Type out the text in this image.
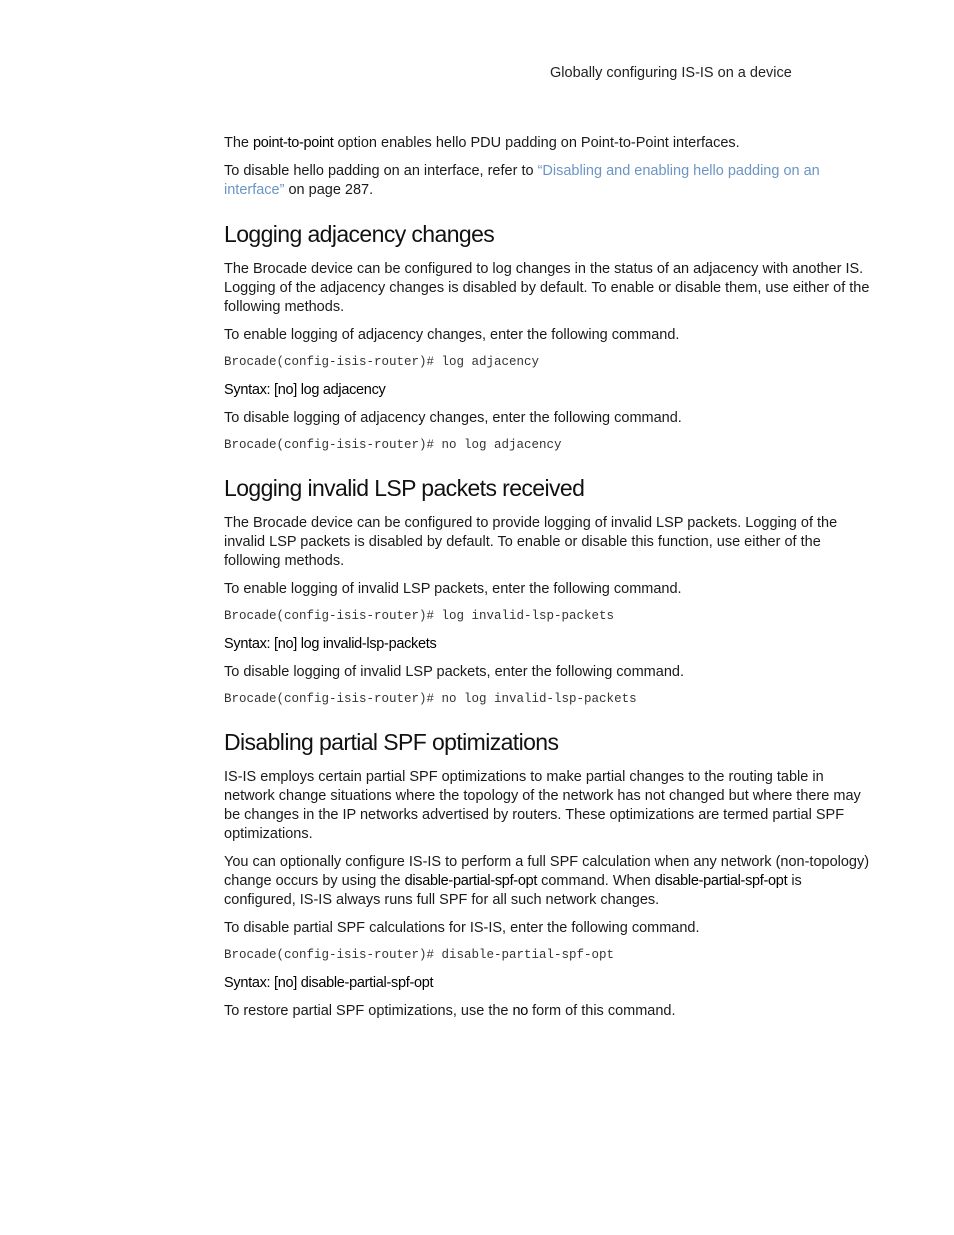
Globally configuring IS-IS on a device

The point-to-point option enables hello PDU padding on Point-to-Point interfaces.

To disable hello padding on an interface, refer to “Disabling and enabling hello padding on an interface” on page 287.

Logging adjacency changes

The Brocade device can be configured to log changes in the status of an adjacency with another IS. Logging of the adjacency changes is disabled by default. To enable or disable them, use either of the following methods.

To enable logging of adjacency changes, enter the following command.

Brocade(config-isis-router)# log adjacency
Syntax: [no] log adjacency

To disable logging of adjacency changes, enter the following command.

Brocade(config-isis-router)# no log adjacency
Logging invalid LSP packets received

The Brocade device can be configured to provide logging of invalid LSP packets. Logging of the invalid LSP packets is disabled by default. To enable or disable this function, use either of the following methods.

To enable logging of invalid LSP packets, enter the following command.

Brocade(config-isis-router)# log invalid-lsp-packets
Syntax: [no] log invalid-lsp-packets

To disable logging of invalid LSP packets, enter the following command.

Brocade(config-isis-router)# no log invalid-lsp-packets
Disabling partial SPF optimizations

IS-IS employs certain partial SPF optimizations to make partial changes to the routing table in network change situations where the topology of the network has not changed but where there may be changes in the IP networks advertised by routers. These optimizations are termed partial SPF optimizations.

You can optionally configure IS-IS to perform a full SPF calculation when any network (non-topology) change occurs by using the disable-partial-spf-opt command. When disable-partial-spf-opt is configured, IS-IS always runs full SPF for all such network changes.

To disable partial SPF calculations for IS-IS, enter the following command.

Brocade(config-isis-router)# disable-partial-spf-opt
Syntax: [no] disable-partial-spf-opt

To restore partial SPF optimizations, use the no form of this command.
